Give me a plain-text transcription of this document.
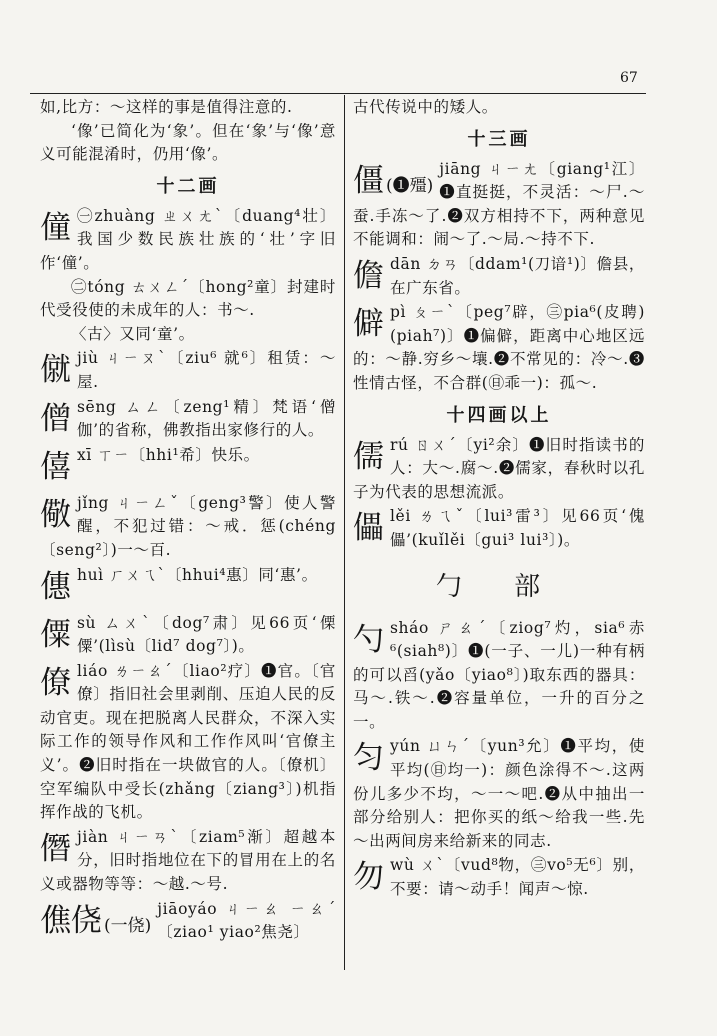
67

如,比方：～这样的事是值得注意的.

‘像’已简化为‘象’。但在‘象’与‘像’意义可能混淆时，仍用‘像’。

十二画
僮 ㊀zhuàng ㄓㄨㄤˋ〔duang⁴壮〕我国少数民族壮族的‘壮’字旧作‘僮’。

㊁tóng ㄊㄨㄥˊ〔hong²童〕封建时代受役使的未成年的人：书～.

〈古〉又同‘童’。

僦 jiù ㄐㄧㄡˋ〔ziu⁶ 就⁶〕租赁：～屋.

僧 sēng ㄙㄥ〔zeng¹精〕梵语‘僧伽’的省称，佛教指出家修行的人。

僖 xī ㄒㄧ〔hhi¹希〕快乐。

儆 jǐng ㄐㄧㄥˇ〔geng³警〕使人警醒，不犯过错：～戒．惩(chéng〔seng²〕)一～百.

僡 huì ㄏㄨㄟˋ〔hhui⁴惠〕同‘惠’。

僳 sù ㄙㄨˋ〔dog⁷肃〕见66页‘傈僳’(lìsù〔lid⁷ dog⁷〕)。

僚 liáo ㄌㄧㄠˊ〔liao²疗〕❶官。〔官僚〕指旧社会里剥削、压迫人民的反动官吏。现在把脱离人民群众，不深入实际工作的领导作风和工作作风叫‘官僚主义’。❷旧时指在一块做官的人。〔僚机〕空军编队中受长(zhǎng〔ziang³〕)机指挥作战的飞机。

僭 jiàn ㄐㄧㄢˋ〔ziam⁵渐〕超越本分，旧时指地位在下的冒用在上的名义或器物等等：～越.～号.

僬侥 (一侥)

jiāoyáo ㄐㄧㄠ ㄧㄠˊ〔ziao¹ yiao²焦尧〕

古代传说中的矮人。

十三画
僵 (❶殭)

jiāng ㄐㄧㄤ〔giang¹江〕❶直挺挺，不灵活：～尸.～蚕.手冻～了.❷双方相持不下，两种意见不能调和：闹～了.～局.～持不下.

儋 dān ㄉㄢ〔ddam¹(刀谙¹)〕儋县，在广东省。

僻 pì ㄆㄧˋ〔peg⁷辟，㊂pia⁶(皮聘)(piah⁷)〕❶偏僻，距离中心地区远的：～静.穷乡～壤.❷不常见的：冷～.❸性情古怪，不合群(㊐乖一)：孤～.

十四画以上
儒 rú ㄖㄨˊ〔yi²余〕❶旧时指读书的人：大～.腐～.❷儒家，春秋时以孔子为代表的思想流派。

儡 lěi ㄌㄟˇ〔lui³雷³〕见66页‘傀儡’(kuǐlěi〔gui³ lui³〕)。

勹 部
勺 sháo ㄕㄠˊ〔ziog⁷灼，sia⁶赤⁶(siah⁸)〕❶(一子、一儿)一种有柄的可以舀(yǎo〔yiao⁸〕)取东西的器具：马～.铁～.❷容量单位，一升的百分之一。

匀 yún ㄩㄣˊ〔yun³允〕❶平均，使平均(㊐均一)：颜色涂得不～.这两份儿多少不均，～一～吧.❷从中抽出一部分给别人：把你买的纸～给我一些.先～出两间房来给新来的同志.

勿 wù ㄨˋ〔vud⁸物，㊂vo⁵无⁶〕别，不要：请～动手！闻声～惊.
